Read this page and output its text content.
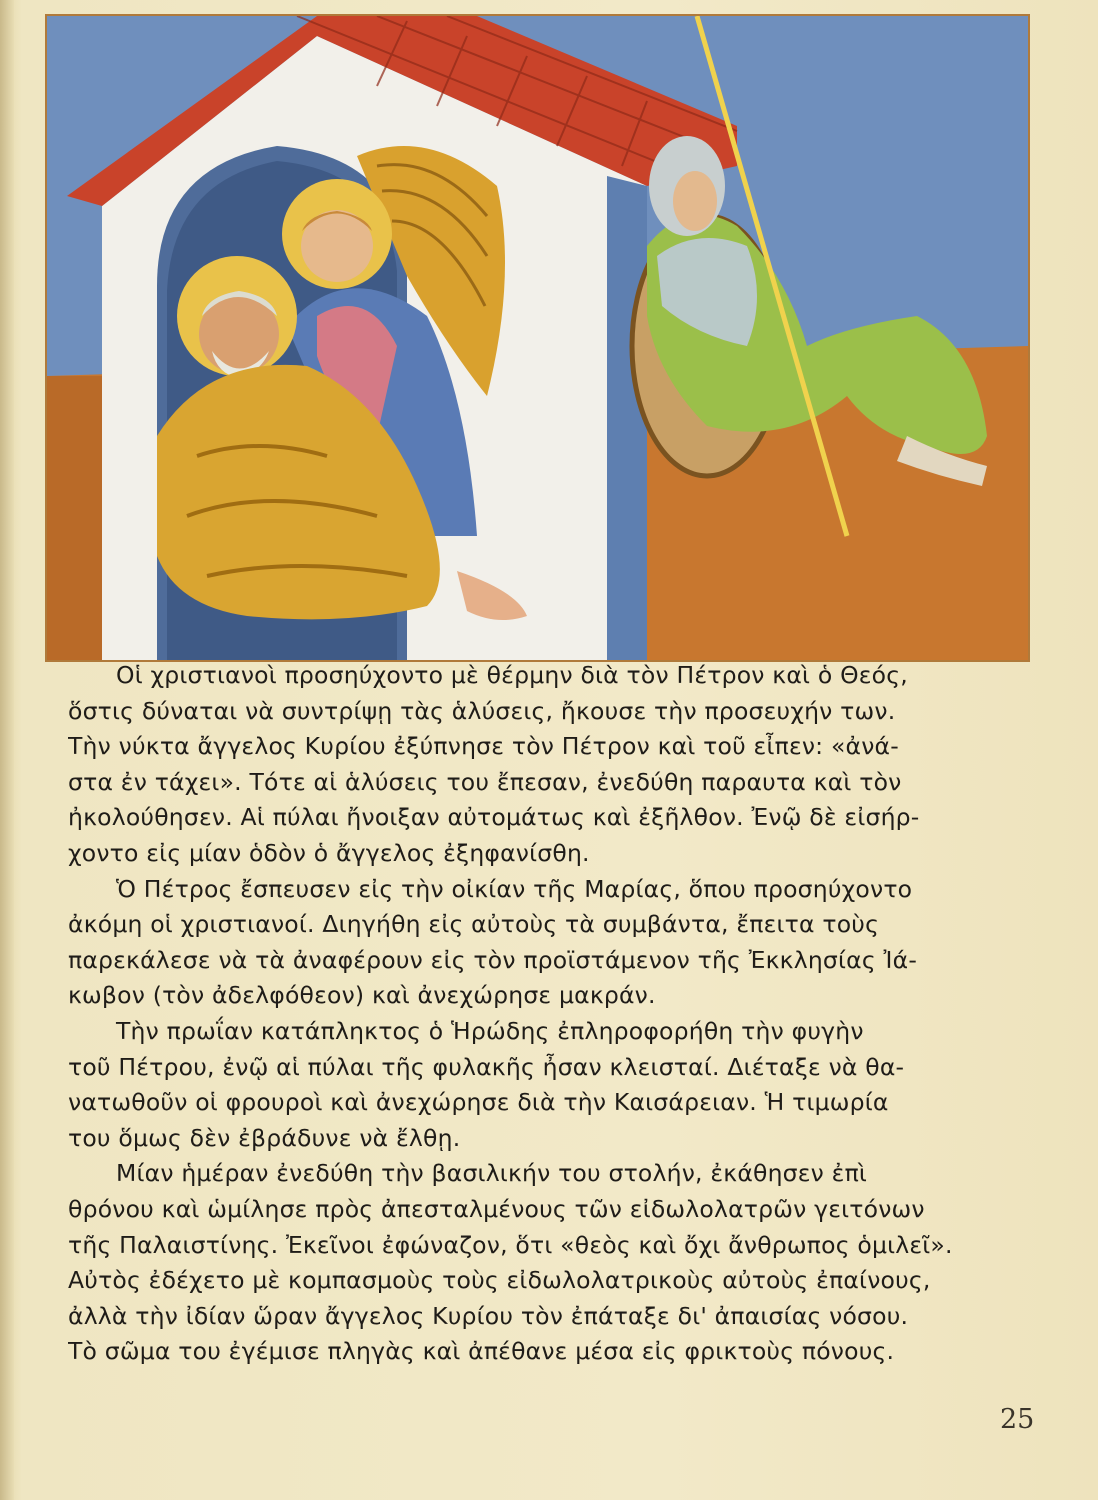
Οἱ χριστιανοὶ προσηύχοντο μὲ θέρμην διὰ τὸν Πέτρον καὶ ὁ Θεός,
ὅστις δύναται νὰ συντρίψῃ τὰς ἁλύσεις, ἤκουσε τὴν προσευχήν των.
Τὴν νύκτα ἄγγελος Κυρίου ἐξύπνησε τὸν Πέτρον καὶ τοῦ εἶπεν: «ἀνά-
στα ἐν τάχει». Τότε αἱ ἁλύσεις του ἔπεσαν, ἐνεδύθη παραυτα καὶ τὸν
ἠκολούθησεν. Αἱ πύλαι ἤνοιξαν αὐτομάτως καὶ ἐξῆλθον. Ἐνῷ δὲ εἰσήρ-
χοντο εἰς μίαν ὁδὸν ὁ ἄγγελος ἐξηφανίσθη.
Ὁ Πέτρος ἔσπευσεν εἰς τὴν οἰκίαν τῆς Μαρίας, ὅπου προσηύχοντο
ἀκόμη οἱ χριστιανοί. Διηγήθη εἰς αὐτοὺς τὰ συμβάντα, ἔπειτα τοὺς
παρεκάλεσε νὰ τὰ ἀναφέρουν εἰς τὸν προϊστάμενον τῆς Ἐκκλησίας Ἰά-
κωβον (τὸν ἀδελφόθεον) καὶ ἀνεχώρησε μακράν.
Τὴν πρωΐαν κατάπληκτος ὁ Ἡρώδης ἐπληροφορήθη τὴν φυγὴν
τοῦ Πέτρου, ἐνῷ αἱ πύλαι τῆς φυλακῆς ἦσαν κλεισταί. Διέταξε νὰ θα-
νατωθοῦν οἱ φρουροὶ καὶ ἀνεχώρησε διὰ τὴν Καισάρειαν. Ἡ τιμωρία
του ὅμως δὲν ἐβράδυνε νὰ ἔλθῃ.
Μίαν ἡμέραν ἐνεδύθη τὴν βασιλικήν του στολήν, ἐκάθησεν ἐπὶ
θρόνου καὶ ὡμίλησε πρὸς ἀπεσταλμένους τῶν εἰδωλολατρῶν γειτόνων
τῆς Παλαιστίνης. Ἐκεῖνοι ἐφώναζον, ὅτι «θεὸς καὶ ὄχι ἄνθρωπος ὁμιλεῖ».
Αὐτὸς ἐδέχετο μὲ κομπασμοὺς τοὺς εἰδωλολατρικοὺς αὐτοὺς ἐπαίνους,
ἀλλὰ τὴν ἰδίαν ὥραν ἄγγελος Κυρίου τὸν ἐπάταξε δι' ἀπαισίας νόσου.
Τὸ σῶμα του ἐγέμισε πληγὰς καὶ ἀπέθανε μέσα εἰς φρικτοὺς πόνους.
25
